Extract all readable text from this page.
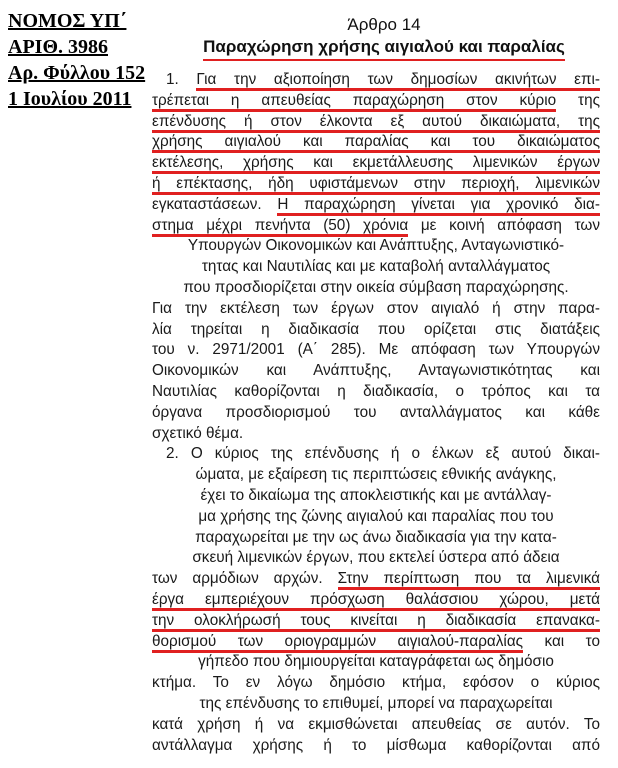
ΝΟΜΟΣ ΥΠ΄
ΑΡΙΘ. 3986
Αρ. Φύλλου 152
1 Ιουλίου 2011
Άρθρο 14
Παραχώρηση χρήσης αιγιαλού και παραλίας
1. Για την αξιοποίηση των δημοσίων ακινήτων επι-
τρέπεται η απευθείας παραχώρηση στον κύριο της
επένδυσης ή στον έλκοντα εξ αυτού δικαιώματα, της
χρήσης αιγιαλού και παραλίας και του δικαιώματος
εκτέλεσης, χρήσης και εκμετάλλευσης λιμενικών έργων
ή επέκτασης, ήδη υφιστάμενων στην περιοχή, λιμενικών
εγκαταστάσεων. Η παραχώρηση γίνεται για χρονικό δια-
στημα μέχρι πενήντα (50) χρόνια με κοινή απόφαση των
Υπουργών Οικονομικών και Ανάπτυξης, Ανταγωνιστικό-
τητας και Ναυτιλίας και με καταβολή ανταλλάγματος
που προσδιορίζεται στην οικεία σύμβαση παραχώρησης.
Για την εκτέλεση των έργων στον αιγιαλό ή στην παρα-
λία τηρείται η διαδικασία που ορίζεται στις διατάξεις
του ν. 2971/2001 (Α΄ 285). Με απόφαση των Υπουργών
Οικονομικών και Ανάπτυξης, Ανταγωνιστικότητας και
Ναυτιλίας καθορίζονται η διαδικασία, ο τρόπος και τα
όργανα προσδιορισμού του ανταλλάγματος και κάθε
σχετικό θέμα.
2. Ο κύριος της επένδυσης ή ο έλκων εξ αυτού δικαι-
ώματα, με εξαίρεση τις περιπτώσεις εθνικής ανάγκης,
έχει το δικαίωμα της αποκλειστικής και με αντάλλαγ-
μα χρήσης της ζώνης αιγιαλού και παραλίας που του
παραχωρείται με την ως άνω διαδικασία για την κατα-
σκευή λιμενικών έργων, που εκτελεί ύστερα από άδεια
των αρμόδιων αρχών. Στην περίπτωση που τα λιμενικά
έργα εμπεριέχουν πρόσχωση θαλάσσιου χώρου, μετά
την ολοκλήρωσή τους κινείται η διαδικασία επανακα-
θορισμού των οριογραμμών αιγιαλού-παραλίας και το
γήπεδο που δημιουργείται καταγράφεται ως δημόσιο
κτήμα. Το εν λόγω δημόσιο κτήμα, εφόσον ο κύριος
της επένδυσης το επιθυμεί, μπορεί να παραχωρείται
κατά χρήση ή να εκμισθώνεται απευθείας σε αυτόν. Το
αντάλλαγμα χρήσης ή το μίσθωμα καθορίζονται από
